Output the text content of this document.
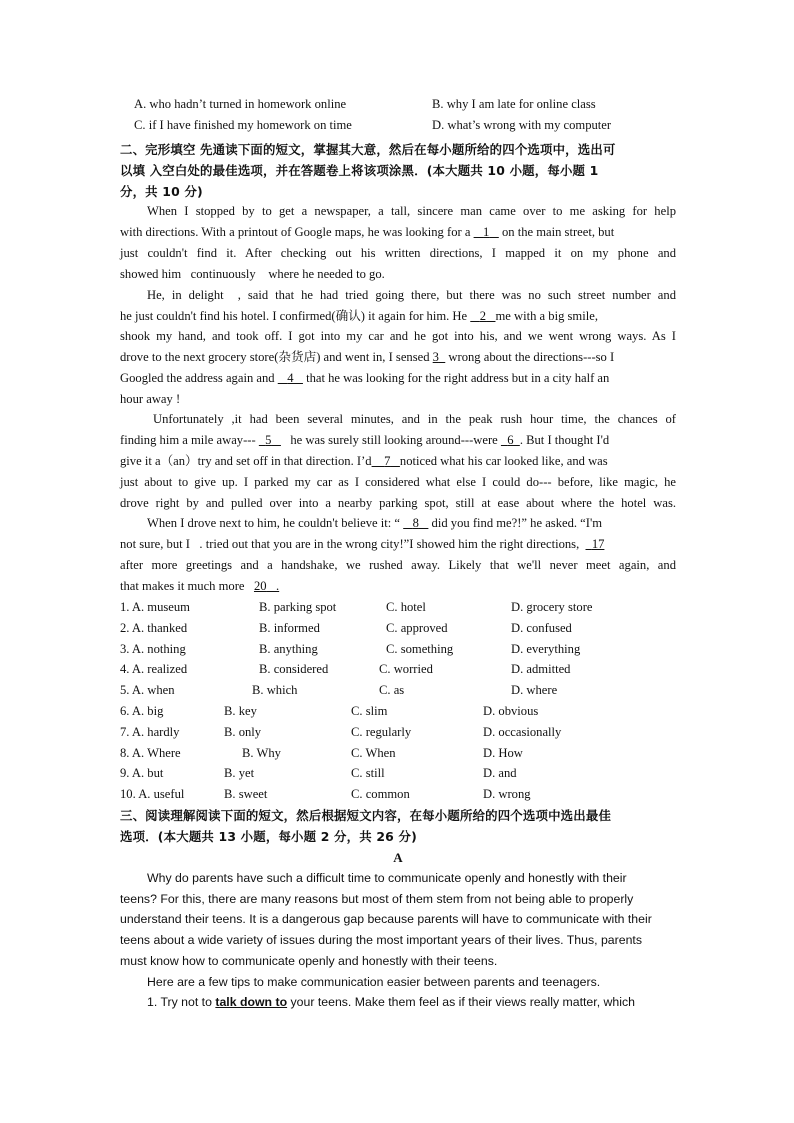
A. who hadn’t turned in homework online	B. why I am late for online class
C. if I have finished my homework on time	D. what’s wrong with my computer
二、完形填空 先通读下面的短文，掌握其大意，然后在每小题所给的四个选项中，选出可
以填 入空白处的最佳选项，并在答题卷上将该项涂黑．(本大题共 10 小题，每小题 1
分，共 10 分)
When I stopped by to get a newspaper, a tall, sincere man came over to me asking for help
with directions. With a printout of Google maps, he was looking for a 1 on the main street, but
just couldn't find it. After checking out his written directions, I mapped it on my phone and
showed him   continuously    where he needed to go.
He, in delight  , said that he had tried going there, but there was no such street number and
he just couldn't find his hotel. I confirmed(确认) it again for him. He 2 me with a big smile,
shook my hand, and took off. I got into my car and he got into his, and we went wrong ways. As I
drove to the next grocery store(杂货店) and went in, I sensed 3 wrong about the directions---so I
Googled the address again and 4 that he was looking for the right address but in a city half an
hour away !
Unfortunately ,it had been several minutes, and in the peak rush hour time, the chances of
finding him a mile away--- 5 he was surely still looking around---were 6 . But I thought I'd
give it a（an）try and set off in that direction. I’d 7 noticed what his car looked like, and was
just about to give up. I parked my car as I considered what else I could do--- before, like magic, he
drove right by and pulled over into a nearby parking spot, still at ease about where the hotel was.
When I drove next to him, he couldn't believe it: “ 8 did you find me?!” he asked. “I'm
not sure, but I   . tried out that you are in the wrong city!”I showed him the right directions, 17
after more greetings and a handshake, we rushed away. Likely that we'll never meet again, and
that makes it much more 20 .
1. A. museum	B. parking spot	C. hotel	D. grocery store
2. A. thanked	B. informed	C. approved	D. confused
3. A. nothing	B. anything	C. something	D. everything
4. A. realized	B. considered	C. worried	D. admitted
5. A. when	B. which	C. as	D. where
6. A. big	B. key	C. slim	D. obvious
7. A. hardly	B. only	C. regularly	D. occasionally
8. A. Where	B. Why	C. When	D. How
9. A. but	B. yet	C. still	D. and
10. A. useful	B. sweet	C. common	D. wrong
三、阅读理解阅读下面的短文，然后根据短文内容，在每小题所给的四个选项中选出最佳
选项．(本大题共 13 小题，每小题 2 分，共 26 分)
A
Why do parents have such a difficult time to communicate openly and honestly with their
teens? For this, there are many reasons but most of them stem from not being able to properly
understand their teens. It is a dangerous gap because parents will have to communicate with their
teens about a wide variety of issues during the most important years of their lives. Thus, parents
must know how to communicate openly and honestly with their teens.
Here are a few tips to make communication easier between parents and teenagers.
1. Try not to talk down to your teens. Make them feel as if their views really matter, which
